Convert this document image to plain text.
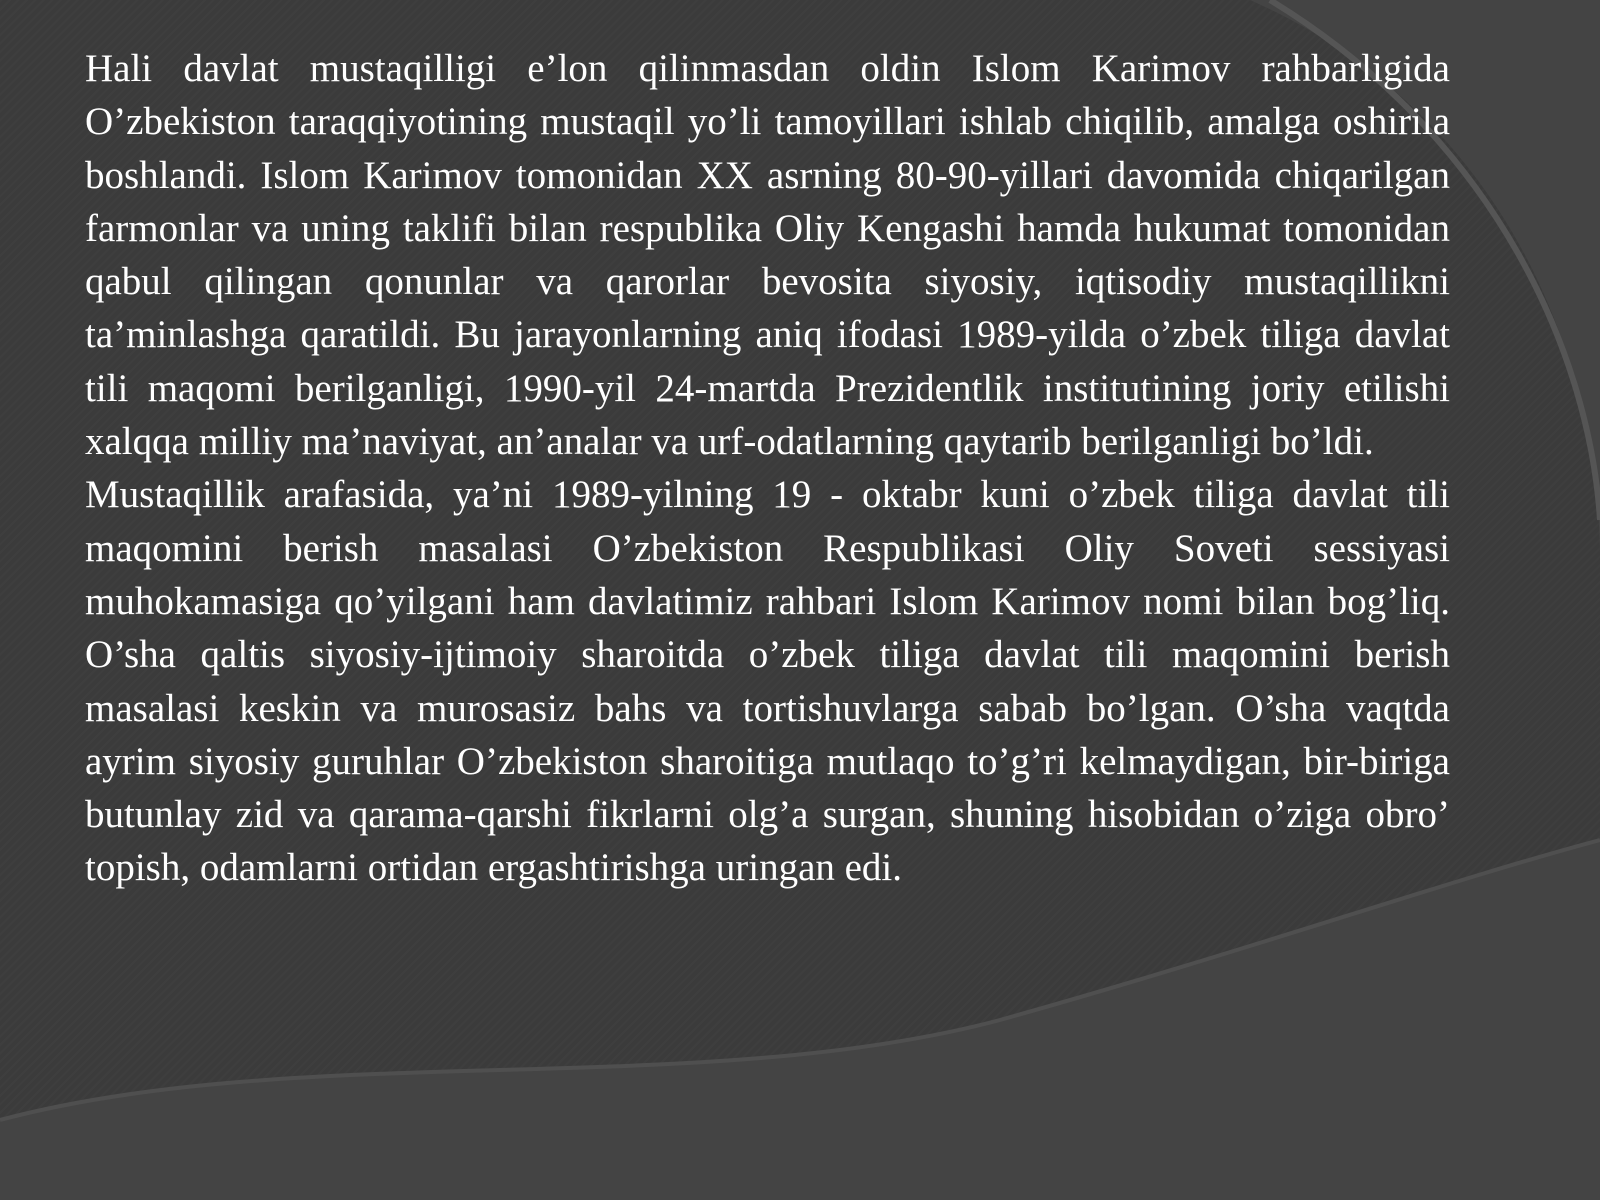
Hali davlat mustaqilligi e’lon qilinmasdan oldin Islom Karimov rahbarligida O’zbekiston taraqqiyotining mustaqil yo’li tamoyillari ishlab chiqilib, amalga oshirila boshlandi. Islom Karimov tomonidan XX asrning 80-90-yillari davomida chiqarilgan farmonlar va uning taklifi bilan respublika Oliy Kengashi hamda hukumat tomonidan qabul qilingan qonunlar va qarorlar bevosita siyosiy, iqtisodiy mustaqillikni ta’minlashga qaratildi. Bu jarayonlarning aniq ifodasi 1989-yilda o’zbek tiliga davlat tili maqomi berilganligi, 1990-yil 24-martda Prezidentlik institutining joriy etilishi xalqqa milliy ma’naviyat, an’analar va urf-odatlarning qaytarib berilganligi bo’ldi.

Mustaqillik arafasida, ya’ni 1989-yilning 19 - oktabr kuni o’zbek tiliga davlat tili maqomini berish masalasi O’zbekiston Respublikasi Oliy Soveti sessiyasi muhokamasiga qo’yilgani ham davlatimiz rahbari Islom Karimov nomi bilan bog’liq. O’sha qaltis siyosiy-ijtimoiy sharoitda o’zbek tiliga davlat tili maqomini berish masalasi keskin va murosasiz bahs va tortishuvlarga sabab bo’lgan. O’sha vaqtda ayrim siyosiy guruhlar O’zbekiston sharoitiga mutlaqo to’g’ri kelmaydigan, bir-biriga butunlay zid va qarama-qarshi fikrlarni olg’a surgan, shuning hisobidan o’ziga obro’ topish, odamlarni ortidan ergashtirishga uringan edi.
